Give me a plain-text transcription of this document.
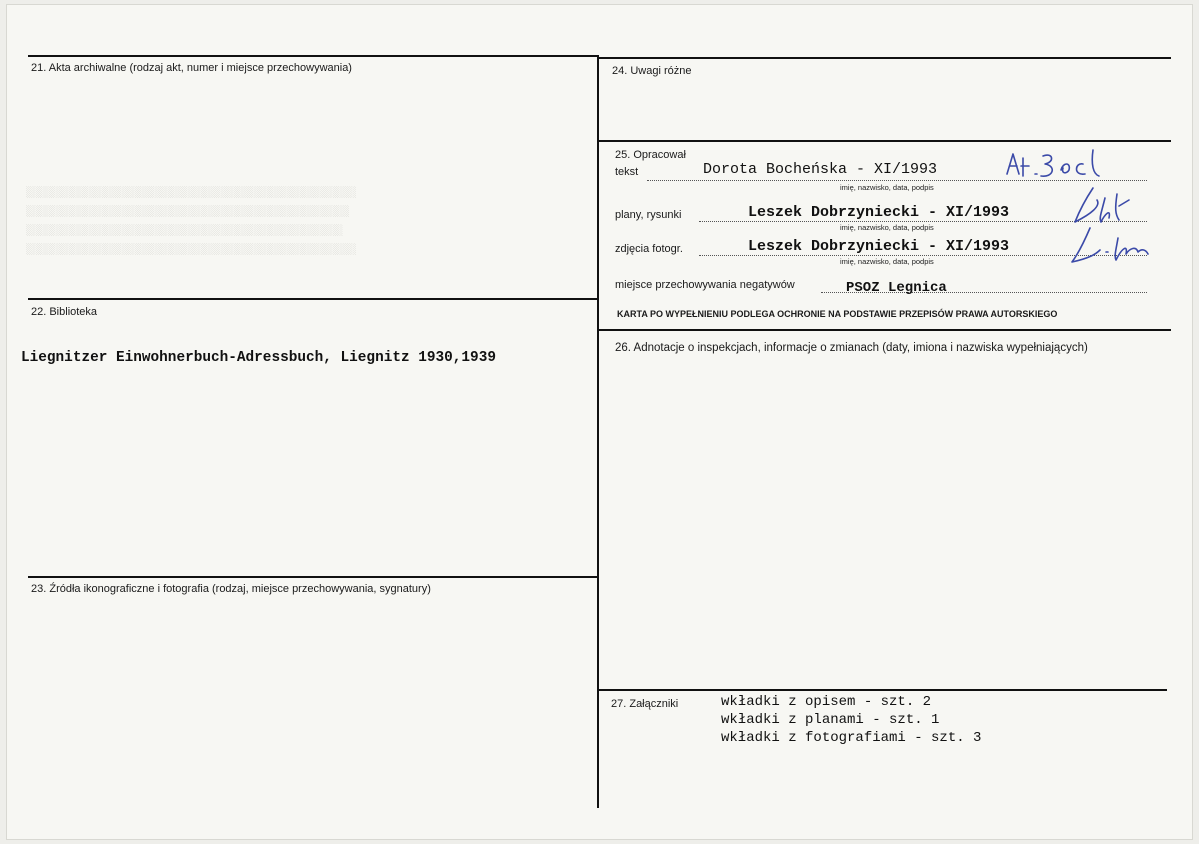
░░░░░░░░░░░░░░░░░░░░░░░░░░░░░░░░░░░░░░░░░░░░░░░░░░
░░░░░░░░░░░░░░░░░░░░░░░░░░░░░░░░░░░░░░░░░░░░░░░░░
░░░░░░░░░░░░░░░░░░░░░░░░░░░░░░░░░░░░░░░░░░░░░░░░
░░░░░░░░░░░░░░░░░░░░░░░░░░░░░░░░░░░░░░░░░░░░░░░░░░
21. Akta archiwalne (rodzaj akt, numer i miejsce przechowywania)	24. Uwagi różne
25. Opracował
tekst	Dorota Bocheńska - XI/1993
imię, nazwisko, data, podpis
plany, rysunki	Leszek Dobrzyniecki - XI/1993
imię, nazwisko, data, podpis
zdjęcia fotogr.	Leszek Dobrzyniecki - XI/1993
imię, nazwisko, data, podpis
miejsce przechowywania negatywów	PSOZ Legnica
KARTA PO WYPEŁNIENIU PODLEGA OCHRONIE NA PODSTAWIE PRZEPISÓW PRAWA AUTORSKIEGO
22. Biblioteka
Liegnitzer Einwohnerbuch-Adressbuch, Liegnitz 1930,1939
26. Adnotacje o inspekcjach, informacje o zmianach (daty, imiona i nazwiska wypełniających)
23. Źródła ikonograficzne i fotografia (rodzaj, miejsce przechowywania, sygnatury)
27. Załączniki	wkładki z opisem - szt. 2
wkładki z planami - szt. 1
wkładki z fotografiami - szt. 3
